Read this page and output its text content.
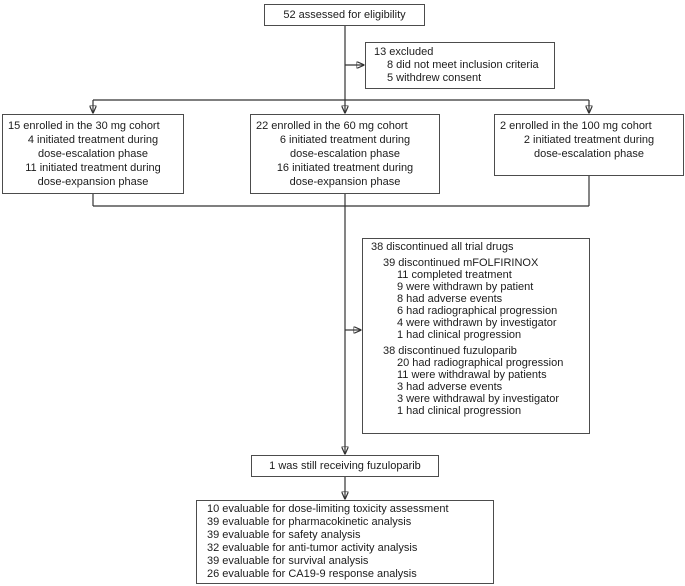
52 assessed for eligibility
13 excluded
8 did not meet inclusion criteria
5 withdrew consent
15 enrolled in the 30 mg cohort
4 initiated treatment during
dose-escalation phase
11 initiated treatment during
dose-expansion phase
22 enrolled in the 60 mg cohort
6 initiated treatment during
dose-escalation phase
16 initiated treatment during
dose-expansion phase
2 enrolled in the 100 mg cohort
2 initiated treatment during
dose-escalation phase
38 discontinued all trial drugs
39 discontinued mFOLFIRINOX
11 completed treatment
9 were withdrawn by patient
8 had adverse events
6 had radiographical progression
4 were withdrawn by investigator
1 had clinical progression
38 discontinued fuzuloparib
20 had radiographical progression
11 were withdrawal by patients
3 had adverse events
3 were withdrawal by investigator
1 had clinical progression
1 was still receiving fuzuloparib
10 evaluable for dose-limiting toxicity assessment
39 evaluable for pharmacokinetic analysis
39 evaluable for safety analysis
32 evaluable for anti-tumor activity analysis
39 evaluable for survival analysis
26 evaluable for CA19-9 response analysis
